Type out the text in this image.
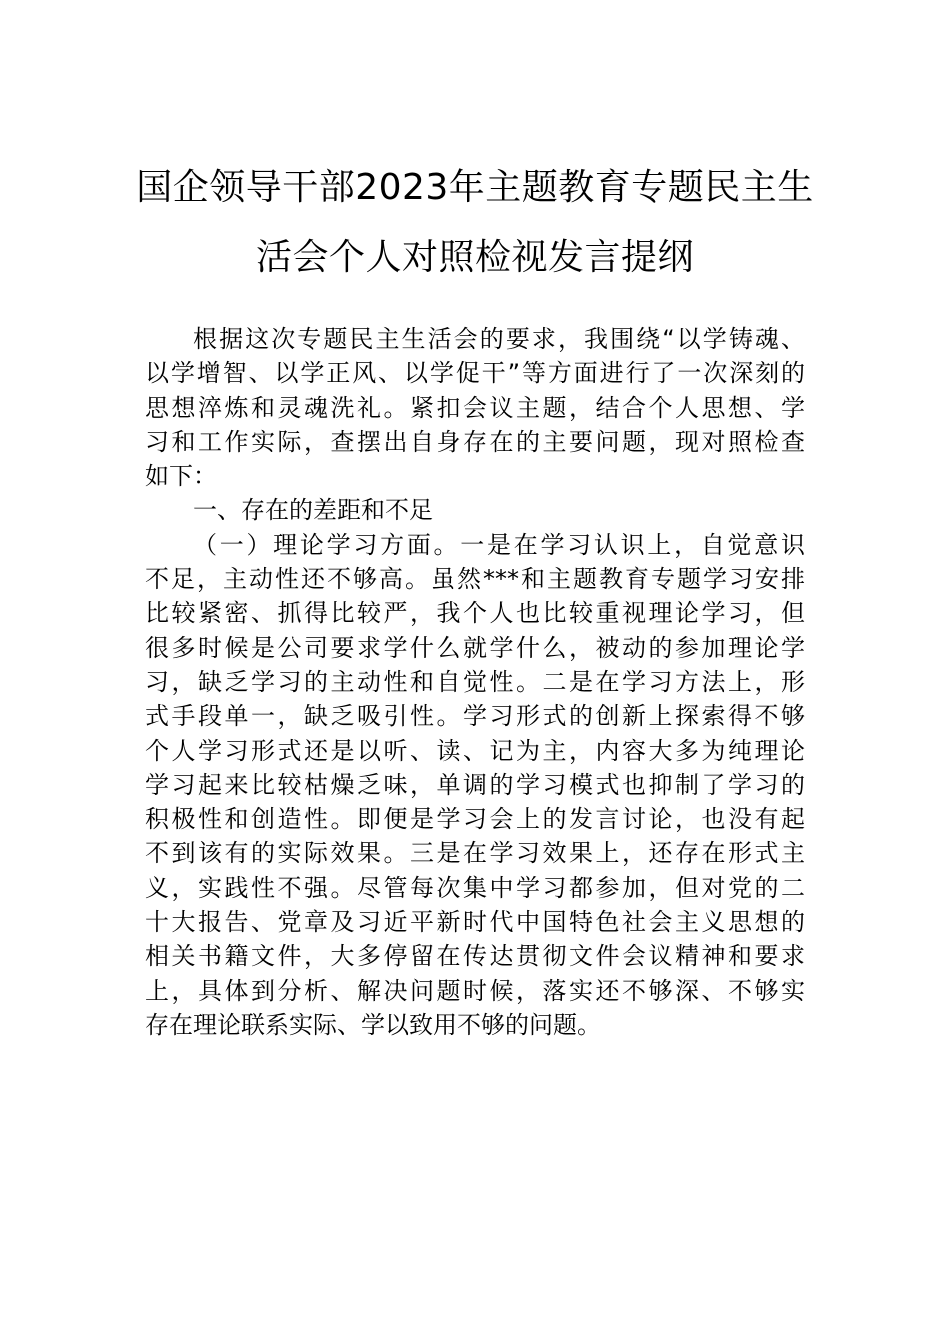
国企领导干部2023年主题教育专题民主生
活会个人对照检视发言提纲
根据这次专题民主生活会的要求，我围绕“以学铸魂、
以学增智、以学正风、以学促干”等方面进行了一次深刻的
思想淬炼和灵魂洗礼。紧扣会议主题，结合个人思想、学
习和工作实际，查摆出自身存在的主要问题，现对照检查
如下：
一、存在的差距和不足
（一）理论学习方面。一是在学习认识上，自觉意识
不足，主动性还不够高。虽然***和主题教育专题学习安排
比较紧密、抓得比较严，我个人也比较重视理论学习，但
很多时候是公司要求学什么就学什么，被动的参加理论学
习，缺乏学习的主动性和自觉性。二是在学习方法上，形
式手段单一，缺乏吸引性。学习形式的创新上探索得不够
个人学习形式还是以听、读、记为主，内容大多为纯理论
学习起来比较枯燥乏味，单调的学习模式也抑制了学习的
积极性和创造性。即便是学习会上的发言讨论，也没有起
不到该有的实际效果。三是在学习效果上，还存在形式主
义，实践性不强。尽管每次集中学习都参加，但对党的二
十大报告、党章及习近平新时代中国特色社会主义思想的
相关书籍文件，大多停留在传达贯彻文件会议精神和要求
上，具体到分析、解决问题时候，落实还不够深、不够实
存在理论联系实际、学以致用不够的问题。
